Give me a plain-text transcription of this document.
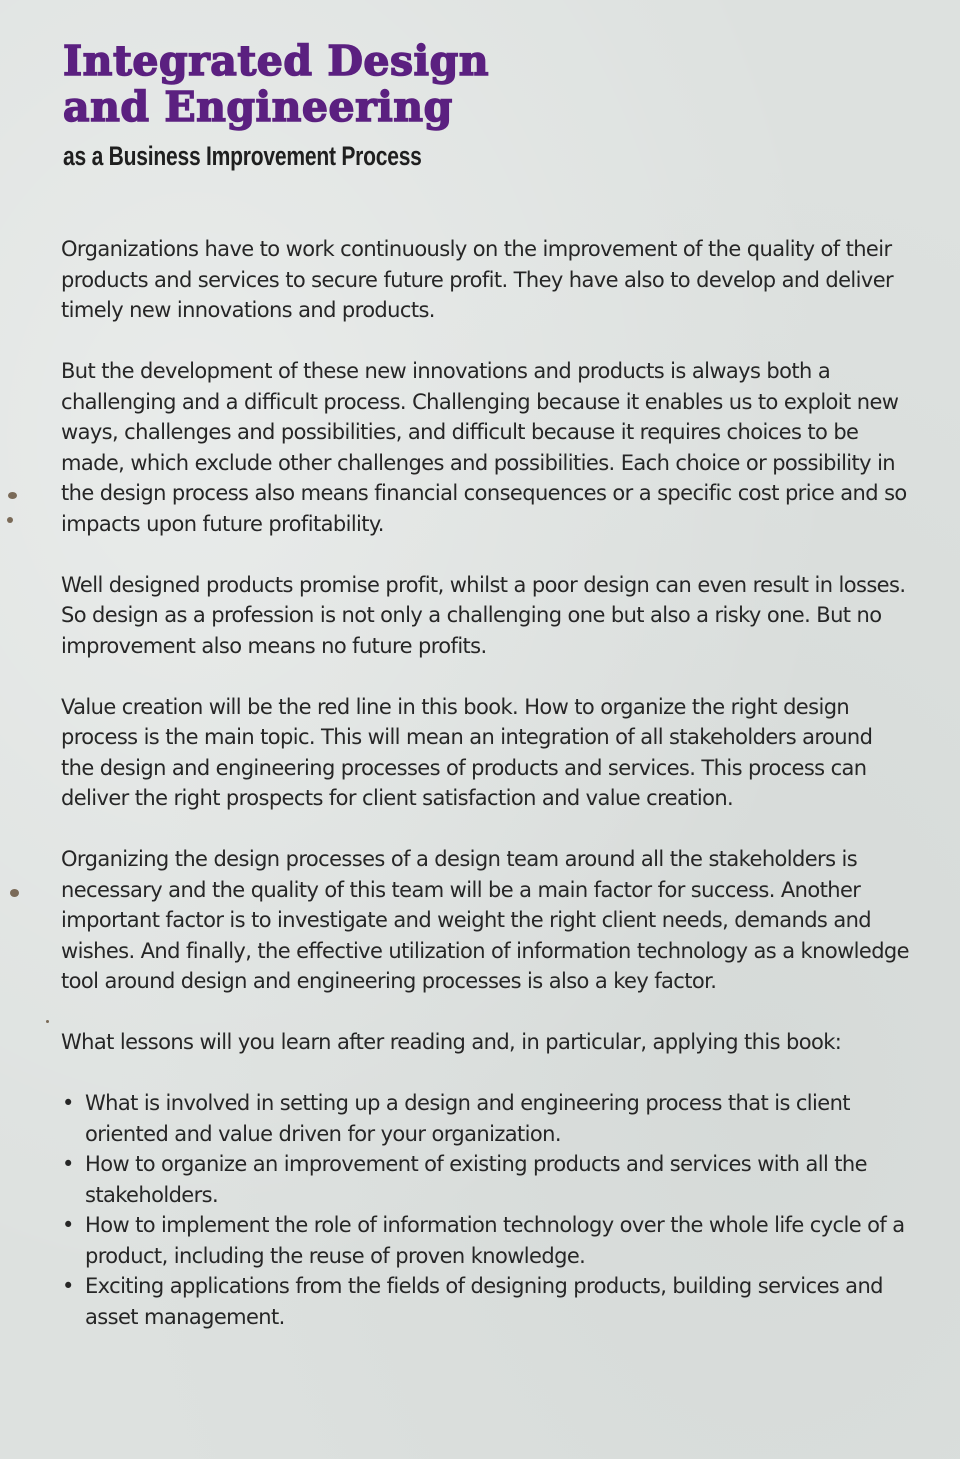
Integrated Design
and Engineering
as a Business Improvement Process

Organizations have to work continuously on the improvement of the quality of their products and services to secure future profit. They have also to develop and deliver timely new innovations and products.

But the development of these new innovations and products is always both a challenging and a difficult process. Challenging because it enables us to exploit new ways, challenges and possibilities, and difficult because it requires choices to be made, which exclude other challenges and possibilities. Each choice or possibility in the design process also means financial consequences or a specific cost price and so impacts upon future profitability.

Well designed products promise profit, whilst a poor design can even result in losses. So design as a profession is not only a challenging one but also a risky one. But no improvement also means no future profits.

Value creation will be the red line in this book. How to organize the right design process is the main topic. This will mean an integration of all stakeholders around the design and engineering processes of products and services. This process can deliver the right prospects for client satisfaction and value creation.

Organizing the design processes of a design team around all the stakeholders is necessary and the quality of this team will be a main factor for success. Another important factor is to investigate and weight the right client needs, demands and wishes. And finally, the effective utilization of information technology as a knowledge tool around design and engineering processes is also a key factor.

What lessons will you learn after reading and, in particular, applying this book:

• What is involved in setting up a design and engineering process that is client oriented and value driven for your organization.
• How to organize an improvement of existing products and services with all the stakeholders.
• How to implement the role of information technology over the whole life cycle of a product, including the reuse of proven knowledge.
• Exciting applications from the fields of designing products, building services and asset management.
